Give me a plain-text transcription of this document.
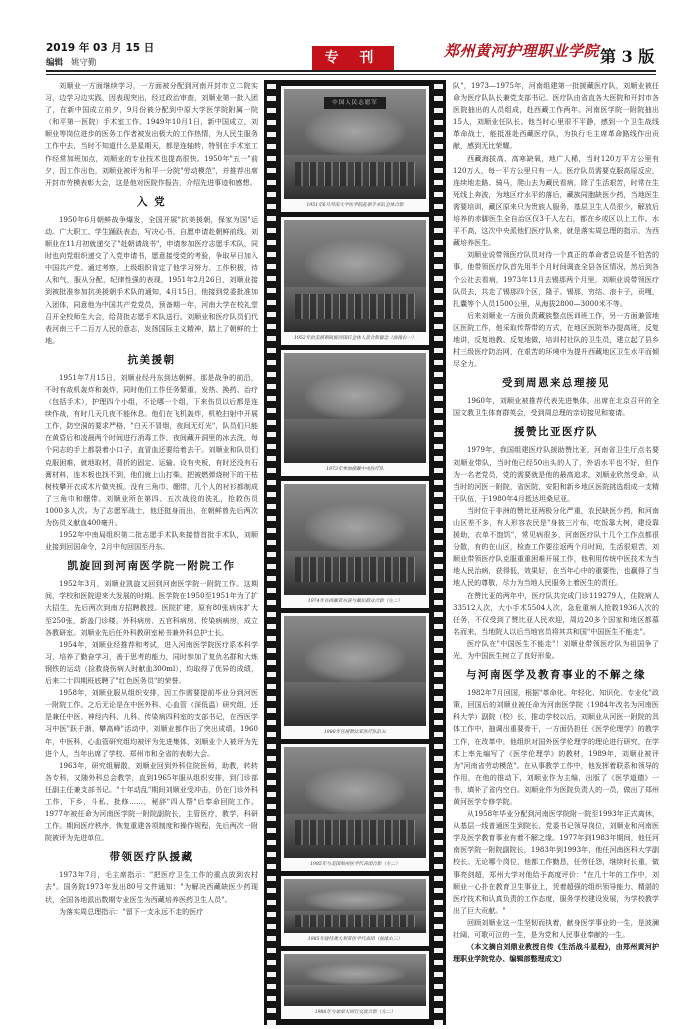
2019 年 03 月 15 日
编辑 姚守勤	专 刊	郑州黄河护理职业学院 第 3 版

刘顺业一方面继续学习，一方面被分配到河南开封市立二院实习，边学习边实践，因表现突出，经过政治审查，刘顺业第一批入团了，在新中国成立前夕，9月份被分配到中原大学医学院附属一院（和平第一医院）手术室工作。1949年10月1日，新中国成立，刘顺业等岗位进步的医务工作者被发出极大的工作热情，为人民生服务工作中去，当时不知道什么是星期天，都是连轴转，特别在手术室工作经常加班加点，刘顺业的专业技术也提高很快。1950年"五一"前夕，因工作出色，刘顺业被评为和平一分院"劳动模范"，并推荐出席开封市劳模表彰大会，这是他对医院作报告，介绍先进事迹和感想。

入 党

1950年6月朝鲜战争爆发，全国开展"抗美援朝，保家为国"运动。广大职工、学生踊跃表态，写决心书，自愿申请赴朝鲜前线。刘顺业在11月初就递交了"赴朝请战书"，申请参加医疗志愿手术队，同时也向党组织递交了入党申请书，愿意接受党的考验，争取早日加入中国共产党。通过考察，上级组织肯定了他学习努力、工作积极，待人和气，服从分配，纪律性强的表现，1951年2月26日，刘顺业接到被批准参加抗美援朝手术队的通知，4月15日，他接到党委批准加入团体，同意他为中国共产党党员，预备期一年，河南大学在校礼堂召开全校师生大会，给背批志愿手术队送行。刘顺业和医疗队员们代表河南三千二百万人民的意志，发扬国际主义精神，踏上了朝鲜的土地。

抗美援朝

1951年7月15日，刘顺业经丹东到达朝鲜，那是战争的前沿，不时有敌机轰炸和轰炸，同时他们工作任务繁重，发热、换药、治疗（包括手术），护理四个小组，不论哪一个组，下来伤员以后都是连续作战，有时几天几夜不能休息。他们在飞机轰炸，机枪扫射中开展工作，防空洞的要求严格，"白天不冒烟，夜间无灯光"，队员们只能在黄昏后和凌晨两个时间进行消毒工作，夜间藏开洞里的冰去洗，每个同志的手上都裂着小口子，直冒血还要给着去干。刘顺业和队员们克服困难，就地取材，背折的固定、运输、设有夹板，有时还没有石膏材料，连木板也找不到，他们就上山打柴，把被燃弹烧树下的干枯树枝攀开衣成木片做夹板。没有三角巾、绷带，几个人的衬衫都制成了三角巾和绷带。刘顺业所在第四、五次战役的洗礼，抢救伤员1000多人次。为了志愿军战士，他还挺身而出，在朝鲜曾先后两次为伤员义献血400毫升。

1952年中南局组织第二批志愿手术队来接替首批手术队，刘顺业接到回国命令，2月中旬回国至丹东。

凯旋回到河南医学院一附院工作

1952年3月，刘顺业凯旋又回到河南医学院一附院工作。这期间，学校和医院迎来大发展的时期。医学院在1950至1951年为了扩大招生，先后两次到南方招聘教授。医院扩建，原有80张病床扩大至250张，新盖门诊楼、外科病房、五官科病房、传染病病房，成立各教研室。刘顺业先后任外科教研室秘书兼外科总护士长。

1954年，刘顺业经推荐和考试，进入河南医学院医疗系本科学习，培养了勤奋学习，善于思考的能力，同时参加了复仇名群和大炼钢铁的运动（捡救烧伤病人时献血300ml），均取得了优异的成绩，后来二十四期班底聘了"红色医务员"的荣誉。

1958年，刘顺业服从组织安排，因工作需要提前毕业分到河医一附院工作。之后无论是在中医外科、心血管（深低温）研究组，还是兼任中医、神经内科、儿科、传染病四科室的支部书记，在西医学习中医"跃千渐、攀高峰"活动中，刘顺业都作出了突出成绩。1960年，中医科，心血管研究组均被评为先进集体，刘顺业个人被评为先进个人，当年出席了学校、郑州市和全省的表彰大会。

1963年，研究组解散，刘顺业回到外科住院医师，助教，转转各专科，又随外科总会教学，直到1965年服从组织安排，到门诊部任副主任兼支部书记。"十年动乱"期间刘顺业受冲击，仍在门诊外科工作，下乡，斗私、批修……，秘辞"四人帮"后奉命回院工作。1977年被任命为河南医学院一附院副院长，主管医疗，教学，科研工作。期间医疗秩序，恢复重建各项制度和操作规程，先后两次一附院被评为先进单位。

带领医疗队援藏

1973年7月，毛主席指示："把医疗卫生工作的重点放到农村去"。国务院1973年发出80号文件通知："为解决西藏缺医少药现状，全国各地派出数期专业医生为西藏培养医药卫生人员"。

为落实周总理指示："留下一支永远不走的医疗

中国人民志愿军
1951年6月河南大学医学院赴朝手术队全体合影
1952年抗美援朝凯旋回国后全体人员合影留念（前排右一）
1973年参加援藏中央医疗队
1974年在西藏亚东县与藏民群众合影（左二）
1980年任援赞比亚医疗队队长
1985年与美国加州医学代表团合影（左二）
1985年接待澳大利亚医学代表团（前排右三）
1986年与加拿大同行交流合影（左二）

队"，1973—1975年，河南组建第一批援藏医疗队，刘顺业被任命为医疗队队长兼党支部书记。医疗队由省直各大医院和开封市各医院抽出的人员组成，赴西藏工作两年。河南医学院一附院抽出15人，刘顺业任队长。他当时心里很不平静，感到一个卫生战线革命战士，能抵准赴西藏医疗队，为执行毛主席革命路线作出贡献，感到无比荣耀。

西藏海拔高、高寒缺氧，地广人稀，当时120万平方公里有120万人，每一平方公里只有一人。医疗队员需要克服高原反应，连续地走路、骑马，爬山去为藏民看病，除了生活艰苦，时常在生死线上奔波，为地区疗水平的落后，藏族同胞缺医少药，当地医生需要培训，藏区原来只为贵族人服务，基层卫生人员很少，解放后培养的赤脚医生全自治区仅3千人左右，都在乡或区以上工作。水平不高，这次中央派他们医疗队来，就是落实周总理的指示，为西藏培养医生。

刘顺业说带领医疗队员对待一个真正的革命者总说是不怕苦的事，他带领医疗队首先用半个月时间调查全县各区情况，然后到各个公社去看病，1973年11月去锡那两个月里，刘顺业说带领医疗队员去，共走了锡那四个区，隆子、锡那，穷结、浪卡子，贡嘎，扎囊等个人员1500公里，从海拔2800—3000米不等。

后来刘顺业一方面负责藏族整点医训班工作，另一方面兼管地区医院工作，他采取传帮带的方式，在地区医院举办提高班，反复地讲，反复地教、反复地做，培训村社队的卫生员，建立起了县乡村三级医疗防治网，在艰苦的环境中为提升西藏地区卫生水平而倾尽全力。

受到周恩来总理接见

1960年，刘顺业被推荐代表先进集体，出席在北京召开的全国文教卫生体育群英会，受到周总理的亲切接见和宴请。

援赞比亚医疗队

1979年，我国组建医疗队援助赞比亚，河南省卫生厅点名要刘顺业带队，当时他已经50出头的人了，外语水平也不好，但作为一名老党员，党的需要就是他的最高追求。刘顺业欣然受命，从当时的河医一附院，省医院，安阳和新乡地区医院挑选组成一支精干队伍，于1980年4月抵达坦桑尼亚。

当时位于非洲的赞比亚两极分化严重，农民缺医少药，和河南山区差不多，有人形容农民是"身披三片布，吃饭靠大树，建设靠援助，衣单不饱饥"，常见病很多，河南医疗队十几个工作点都很分散，有的在山区，检查工作要往返两个月时间，生活很艰苦，刘顺业带领医疗队克服重重困难开展工作，他利用传统中医技术为当地人民治病，获得低，效果好，在当年心中的重要性，也赢得了当地人民的尊敬，尽力为当地人民服务上着医生的责任。

在赞比亚的两年中，医疗队共完成门诊119279人，住院病人33512人次，大小手术5504人次，急危重病人抢救1936人次的任务，不仅受到了赞比亚人民欢迎，周边20多个国家和地区都慕名而来，当地院人以后当地官员将其共和国"中国医生不能走"。

医疗队在"中国医生不能走"！刘顺业带领医疗队为祖国争了光，为中国医生树立了良好形象。

与河南医学及教育事业的不解之缘

1982年7月回国，根据"革命化、年轻化、知识化、专业化"政策，回国后的刘顺业被任命为河南医学院（1984年改名为河南医科大学）副院（校）长，推动学校以后，刘顺业从河医一附院的具体工作中，抽调出重要骨干，一方面仍担任《医学伦理学》的教学工作，在改革中，他组织对国外医学伦理学的理论进行研究，在学术上率先编写了《医学伦理学》的教材，1989年，刘顺业被评为"河南省劳动模范"。在从事教学工作中，他发挥着联系和领导的作用，在他的推动下，刘顺业作为主编，出版了《医学道德》一书，填补了省内空白。刘顺业作为医院负责人的一员，做出了郑州黄河医学专修学院。

从1958年毕业分配到河南医学院附一院至1993年正式离休，从基层一线普通医生到院长、党委书记领导岗位，刘顺业和河南医学及医学教育事业有着不解之缘。1977年到1983年期间，他任河南医学院一附院副院长，1983年到1993年，他任河南医科大学副校长。无论哪个岗位，他都工作勤恳，任劳任怨，继续时长重，做事亮剑超，郑州大学对他给予高度评价："在几十年的工作中，刘顺业一心扑在教育卫生事业上，凭着超强的组织领导能力、精湛的医疗技术和认真负责的工作态度，服务学校建设发展，为学校教学出了巨大贡献。"

回顾刘顺业这一生坚韧而执着，献身医学事业的一生，是波澜壮阔、可歌可泣的一生，是为党和人民事业奉献的一生。

（本文摘自刘鼎业教授自传《生活战斗星程》，由郑州黄河护理职业学院党办、编辑部整理成文）
